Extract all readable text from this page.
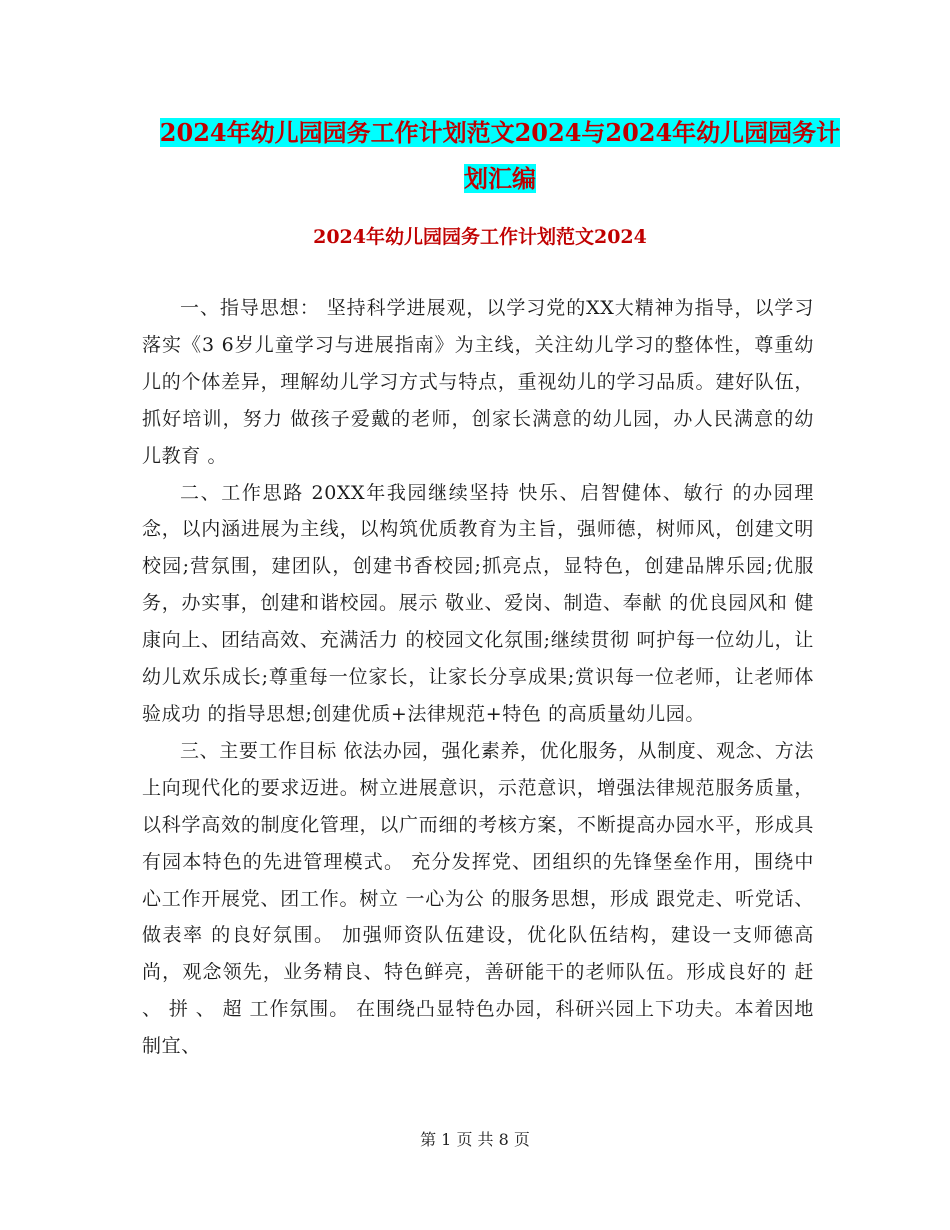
2024年幼儿园园务工作计划范文2024与2024年幼儿园园务计划汇编
2024年幼儿园园务工作计划范文2024

一、指导思想： 坚持科学进展观，以学习党的XX大精神为指导，以学习落实《3 6岁儿童学习与进展指南》为主线，关注幼儿学习的整体性，尊重幼儿的个体差异，理解幼儿学习方式与特点，重视幼儿的学习品质。建好队伍，抓好培训，努力 做孩子爱戴的老师，创家长满意的幼儿园，办人民满意的幼儿教育 。

二、工作思路 20XX年我园继续坚持 快乐、启智健体、敏行 的办园理念，以内涵进展为主线，以构筑优质教育为主旨，强师德，树师风，创建文明校园;营氛围，建团队，创建书香校园;抓亮点，显特色，创建品牌乐园;优服务，办实事，创建和谐校园。展示 敬业、爱岗、制造、奉献 的优良园风和 健康向上、团结高效、充满活力 的校园文化氛围;继续贯彻 呵护每一位幼儿，让幼儿欢乐成长;尊重每一位家长，让家长分享成果;赏识每一位老师，让老师体验成功 的指导思想;创建优质+法律规范+特色 的高质量幼儿园。

三、主要工作目标 依法办园，强化素养，优化服务，从制度、观念、方法上向现代化的要求迈进。树立进展意识，示范意识，增强法律规范服务质量，以科学高效的制度化管理，以广而细的考核方案，不断提高办园水平，形成具有园本特色的先进管理模式。 充分发挥党、团组织的先锋堡垒作用，围绕中心工作开展党、团工作。树立 一心为公 的服务思想，形成 跟党走、听党话、做表率 的良好氛围。 加强师资队伍建设，优化队伍结构，建设一支师德高尚，观念领先，业务精良、特色鲜亮，善研能干的老师队伍。形成良好的 赶 、 拼 、 超 工作氛围。 在围绕凸显特色办园，科研兴园上下功夫。本着因地制宜、

第 1 页 共 8 页
